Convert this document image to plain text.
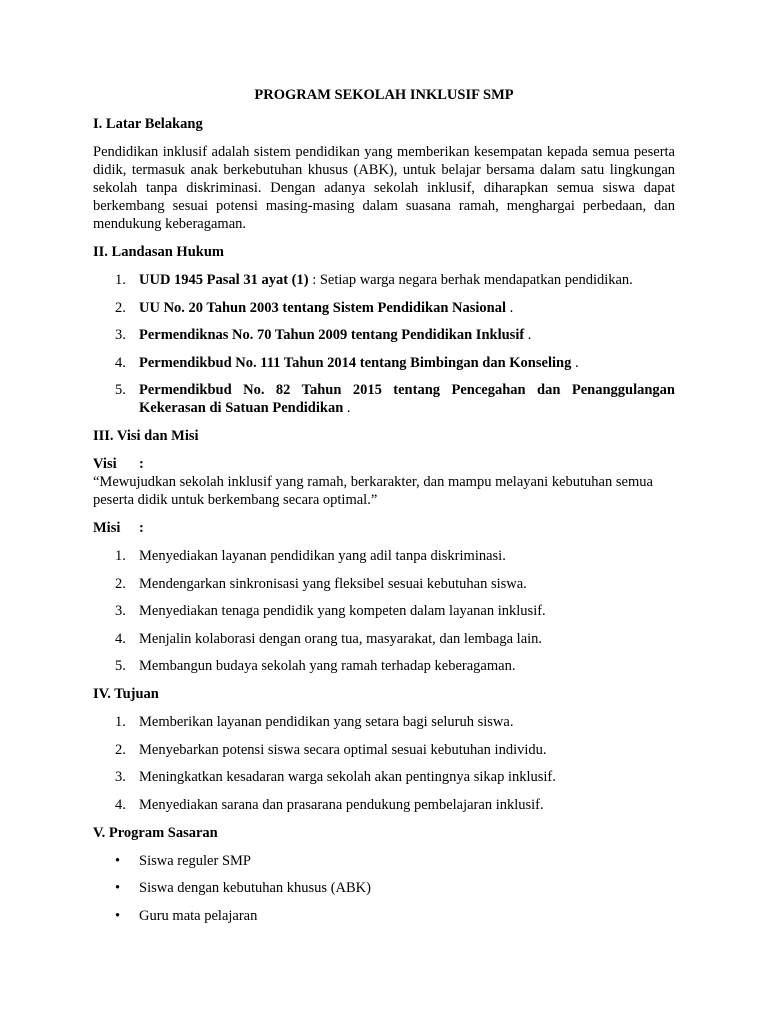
PROGRAM SEKOLAH INKLUSIF SMP
I. Latar Belakang
Pendidikan inklusif adalah sistem pendidikan yang memberikan kesempatan kepada semua peserta didik, termasuk anak berkebutuhan khusus (ABK), untuk belajar bersama dalam satu lingkungan sekolah tanpa diskriminasi. Dengan adanya sekolah inklusif, diharapkan semua siswa dapat berkembang sesuai potensi masing-masing dalam suasana ramah, menghargai perbedaan, dan mendukung keberagaman.
II. Landasan Hukum
1. UUD 1945 Pasal 31 ayat (1) : Setiap warga negara berhak mendapatkan pendidikan.
2. UU No. 20 Tahun 2003 tentang Sistem Pendidikan Nasional .
3. Permendiknas No. 70 Tahun 2009 tentang Pendidikan Inklusif .
4. Permendikbud No. 111 Tahun 2014 tentang Bimbingan dan Konseling .
5. Permendikbud No. 82 Tahun 2015 tentang Pencegahan dan Penanggulangan Kekerasan di Satuan Pendidikan .
III. Visi dan Misi
Visi :
“Mewujudkan sekolah inklusif yang ramah, berkarakter, dan mampu melayani kebutuhan semua peserta didik untuk berkembang secara optimal.”
Misi :
1. Menyediakan layanan pendidikan yang adil tanpa diskriminasi.
2. Mendengarkan sinkronisasi yang fleksibel sesuai kebutuhan siswa.
3. Menyediakan tenaga pendidik yang kompeten dalam layanan inklusif.
4. Menjalin kolaborasi dengan orang tua, masyarakat, dan lembaga lain.
5. Membangun budaya sekolah yang ramah terhadap keberagaman.
IV. Tujuan
1. Memberikan layanan pendidikan yang setara bagi seluruh siswa.
2. Menyebarkan potensi siswa secara optimal sesuai kebutuhan individu.
3. Meningkatkan kesadaran warga sekolah akan pentingnya sikap inklusif.
4. Menyediakan sarana dan prasarana pendukung pembelajaran inklusif.
V. Program Sasaran
• Siswa reguler SMP
• Siswa dengan kebutuhan khusus (ABK)
• Guru mata pelajaran
